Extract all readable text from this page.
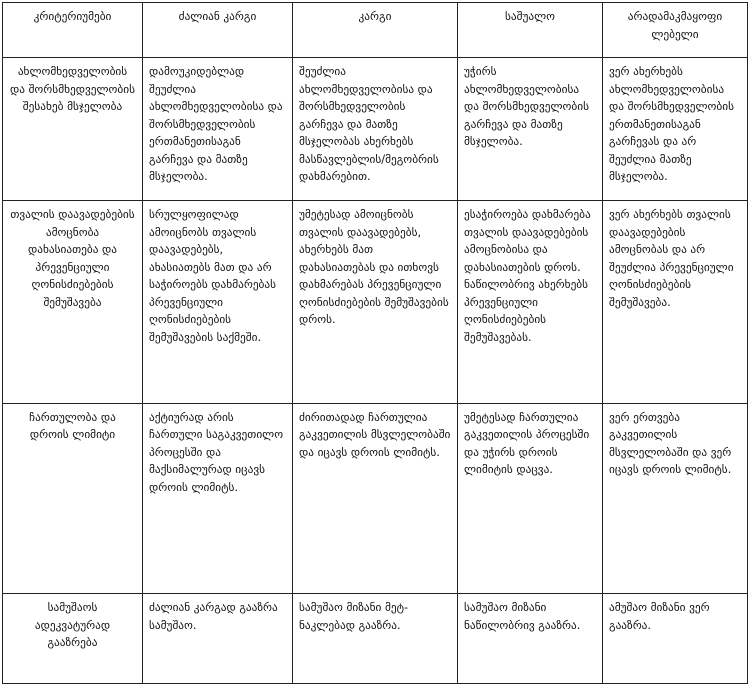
კრიტერიუმები	ძალიან კარგი	კარგი	საშუალო	არადამაკმაყოფი ლებელი
ახლომხედველობის და შორსმხედველობის შესახებ მსჯელობა	დამოუკიდებლად შეუძლია ახლომხედველობისა და შორსმხედველობის ერთმანეთისაგან გარჩევა და მათზე მსჯელობა.	შეუძლია ახლომხედველობისა და შორსმხედველობის გარჩევა და მათზე მსჯელობას ახერხებს მასწავლებლის/მეგობრის დახმარებით.	უჭირს ახლომხედველობისა და შორსმხედველობის გარჩევა და მათზე მსჯელობა.	ვერ ახერხებს ახლომხედველობისა და შორსმხედველობის ერთმანეთისაგან გარჩევას და არ შეუძლია მათზე მსჯელობა.
თვალის დაავადებების ამოცნობა დახასიათება და პრევენციული ღონისძიებების შემუშავება	სრულყოფილად ამოიცნობს თვალის დაავადებებს, ახასიათებს მათ და არ საჭიროებს დახმარებას პრევენციული ღონისძიებების შემუშავების საქმეში.	უმეტესად ამოიცნობს თვალის დაავადებებს, ახერხებს მათ დახასიათებას და ითხოვს დახმარებას პრევენციული ღონისძიებების შემუშავების დროს.	ესაჭიროება დახმარება თვალის დაავადებების ამოცნობისა და დახასიათების დროს. ნაწილობრივ ახერხებს პრევენციული ღონისძიებების შემუშავებას.	ვერ ახერხებს თვალის დაავადებების ამოცნობას და არ შეუძლია პრევენციული ღონისძიებების შემუშავება.
ჩართულობა და დროის ლიმიტი	აქტიურად არის ჩართული საგაკვეთილო პროცესში და მაქსიმალურად იცავს დროის ლიმიტს.	ძირითადად ჩართულია გაკვეთილის მსვლელობაში და იცავს დროის ლიმიტს.	უმეტესად ჩართულია გაკვეთილის პროცესში და უჭირს დროის ლიმიტის დაცვა.	ვერ ერთვება გაკვეთილის მსვლელობაში და ვერ იცავს დროის ლიმიტს.
სამუშაოს ადეკვატურად გააზრება	ძალიან კარგად გააზრა სამუშაო.	სამუშაო მიზანი მეტ-ნაკლებად გააზრა.	სამუშაო მიზანი ნაწილობრივ გააზრა.	ამუშაო მიზანი ვერ გააზრა.
